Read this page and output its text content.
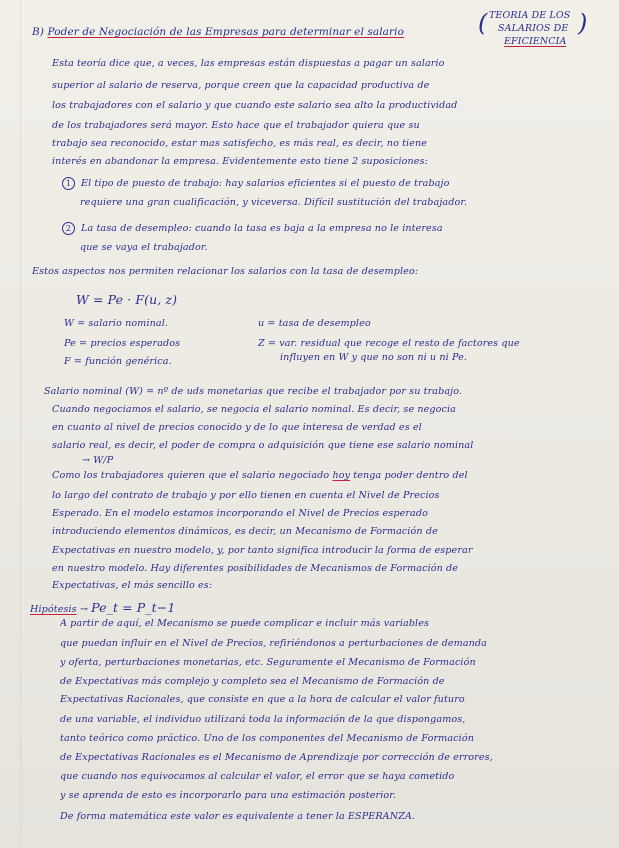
B) Poder de Negociación de las Empresas para determinar el salario	( TEORIA DE LOS
SALARIOS DE
EFICIENCIA
)
Esta teoría dice que, a veces, las empresas están dispuestas a pagar un salario
superior al salario de reserva, porque creen que la capacidad productiva de
los trabajadores con el salario y que cuando este salario sea alto la productividad
de los trabajadores será mayor. Esto hace que el trabajador quiera que su
trabajo sea reconocido, estar mas satisfecho, es más real, es decir, no tiene
interés en abandonar la empresa. Evidentemente esto tiene 2 suposiciones:
1 El tipo de puesto de trabajo: hay salarios eficientes si el puesto de trabajo
requiere una gran cualificación, y viceversa. Difícil sustitución del trabajador.
2 La tasa de desempleo: cuando la tasa es baja a la empresa no le interesa
que se vaya el trabajador.
Estos aspectos nos permiten relacionar los salarios con la tasa de desempleo:
W = Pe · F(u, z)
W = salario nominal.	u = tasa de desempleo
Pe = precios esperados	Z = var. residual que recoge el resto de factores que
F = función genérica.	influyen en W y que no son ni u ni Pe.
Salario nominal (W) = nº de uds monetarias que recibe el trabajador por su trabajo.
Cuando negociamos el salario, se negocia el salario nominal. Es decir, se negocia
en cuanto al nivel de precios conocido y de lo que interesa de verdad es el
salario real, es decir, el poder de compra o adquisición que tiene ese salario nominal
→ W/P
Como los trabajadores quieren que el salario negociado hoy tenga poder dentro del
lo largo del contrato de trabajo y por ello tienen en cuenta el Nivel de Precios
Esperado. En el modelo estamos incorporando el Nivel de Precios esperado
introduciendo elementos dinámicos, es decir, un Mecanismo de Formación de
Expectativas en nuestro modelo, y, por tanto significa introducir la forma de esperar
en nuestro modelo. Hay diferentes posibilidades de Mecanismos de Formación de
Expectativas, el más sencillo es:
Hipótesis → Pe_t = P_t−1
A partir de aquí, el Mecanismo se puede complicar e incluir más variables
que puedan influir en el Nivel de Precios, refiriéndonos a perturbaciones de demanda
y oferta, perturbaciones monetarias, etc. Seguramente el Mecanismo de Formación
de Expectativas más complejo y completo sea el Mecanismo de Formación de
Expectativas Racionales, que consiste en que a la hora de calcular el valor futuro
de una variable, el individuo utilizará toda la información de la que dispongamos,
tanto teórico como práctico. Uno de los componentes del Mecanismo de Formación
de Expectativas Racionales es el Mecanismo de Aprendizaje por corrección de errores,
que cuando nos equivocamos al calcular el valor, el error que se haya cometido
y se aprenda de esto es incorporarlo para una estimación posterior.
De forma matemática este valor es equivalente a tener la ESPERANZA.
